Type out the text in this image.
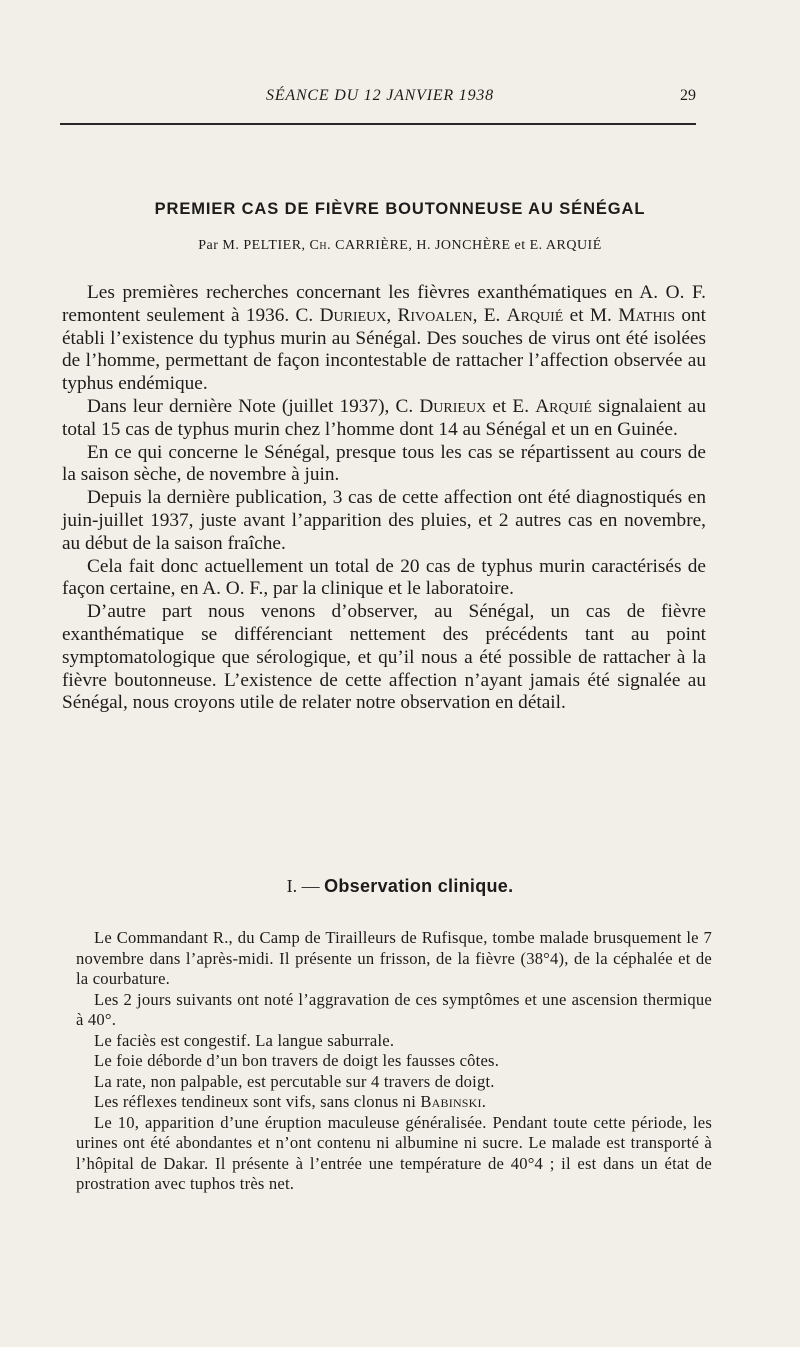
SÉANCE DU 12 JANVIER 1938	29
PREMIER CAS DE FIÈVRE BOUTONNEUSE AU SÉNÉGAL
Par M. PELTIER, Ch. CARRIÈRE, H. JONCHÈRE et E. ARQUIÉ

Les premières recherches concernant les fièvres exanthématiques en A. O. F. remontent seulement à 1936. C. Durieux, Rivoalen, E. Arquié et M. Mathis ont établi l’existence du typhus murin au Sénégal. Des souches de virus ont été isolées de l’homme, permettant de façon incontestable de rattacher l’affection observée au typhus endémique.

Dans leur dernière Note (juillet 1937), C. Durieux et E. Arquié signalaient au total 15 cas de typhus murin chez l’homme dont 14 au Sénégal et un en Guinée.

En ce qui concerne le Sénégal, presque tous les cas se répartissent au cours de la saison sèche, de novembre à juin.

Depuis la dernière publication, 3 cas de cette affection ont été diagnostiqués en juin-juillet 1937, juste avant l’apparition des pluies, et 2 autres cas en novembre, au début de la saison fraîche.

Cela fait donc actuellement un total de 20 cas de typhus murin caractérisés de façon certaine, en A. O. F., par la clinique et le laboratoire.

D’autre part nous venons d’observer, au Sénégal, un cas de fièvre exanthématique se différenciant nettement des précédents tant au point symptomatologique que sérologique, et qu’il nous a été possible de rattacher à la fièvre boutonneuse. L’existence de cette affection n’ayant jamais été signalée au Sénégal, nous croyons utile de relater notre observation en détail.

I. — Observation clinique.

Le Commandant R., du Camp de Tirailleurs de Rufisque, tombe malade brusquement le 7 novembre dans l’après-midi. Il présente un frisson, de la fièvre (38°4), de la céphalée et de la courbature.

Les 2 jours suivants ont noté l’aggravation de ces symptômes et une ascension thermique à 40°.

Le faciès est congestif. La langue saburrale.

Le foie déborde d’un bon travers de doigt les fausses côtes.

La rate, non palpable, est percutable sur 4 travers de doigt.

Les réflexes tendineux sont vifs, sans clonus ni Babinski.

Le 10, apparition d’une éruption maculeuse généralisée. Pendant toute cette période, les urines ont été abondantes et n’ont contenu ni albumine ni sucre. Le malade est transporté à l’hôpital de Dakar. Il présente à l’entrée une température de 40°4 ; il est dans un état de prostration avec tuphos très net.
